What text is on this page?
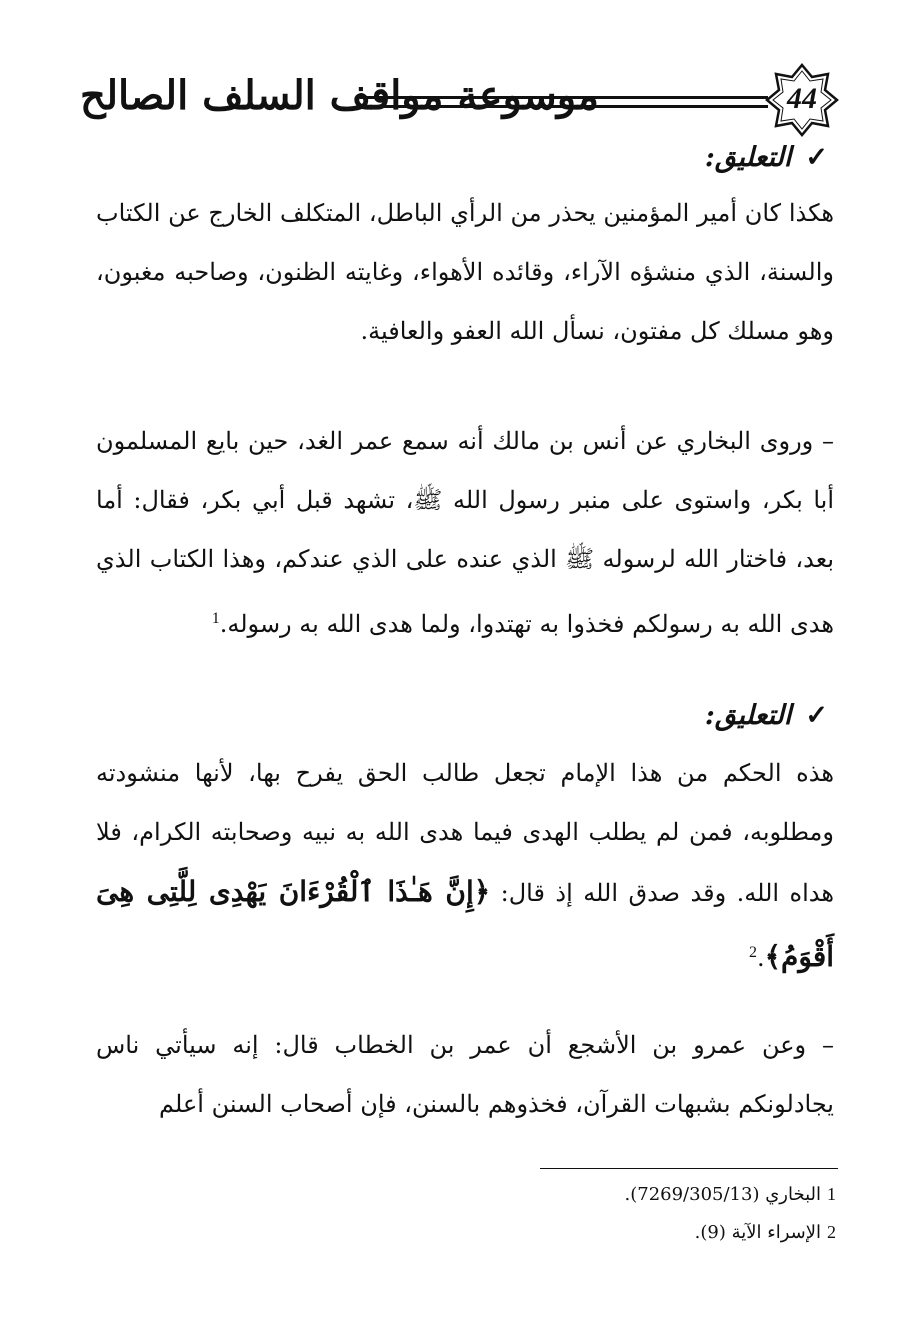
موسوعة مواقف السلف الصالح	44
✓التعليق:

هكذا كان أمير المؤمنين يحذر من الرأي الباطل، المتكلف الخارج عن الكتاب والسنة، الذي منشؤه الآراء، وقائده الأهواء، وغايته الظنون، وصاحبه مغبون، وهو مسلك كل مفتون، نسأل الله العفو والعافية.

– وروى البخاري عن أنس بن مالك أنه سمع عمر الغد، حين بايع المسلمون أبا بكر، واستوى على منبر رسول الله ﷺ، تشهد قبل أبي بكر، فقال: أما بعد، فاختار الله لرسوله ﷺ الذي عنده على الذي عندكم، وهذا الكتاب الذي هدى الله به رسولكم فخذوا به تهتدوا، ولما هدى الله به رسوله.$^1$

✓التعليق:

هذه الحكم من هذا الإمام تجعل طالب الحق يفرح بها، لأنها منشودته ومطلوبه، فمن لم يطلب الهدى فيما هدى الله به نبيه وصحابته الكرام، فلا هداه الله. وقد صدق الله إذ قال: ﴿إِنَّ هَـٰذَا ٱلْقُرْءَانَ يَهْدِى لِلَّتِى هِىَ أَقْوَمُ﴾.$^2$

– وعن عمرو بن الأشجع أن عمر بن الخطاب قال: إنه سيأتي ناس يجادلونكم بشبهات القرآن، فخذوهم بالسنن، فإن أصحاب السنن أعلم

1البخاري (7269/305/13).
2الإسراء الآية (9).
